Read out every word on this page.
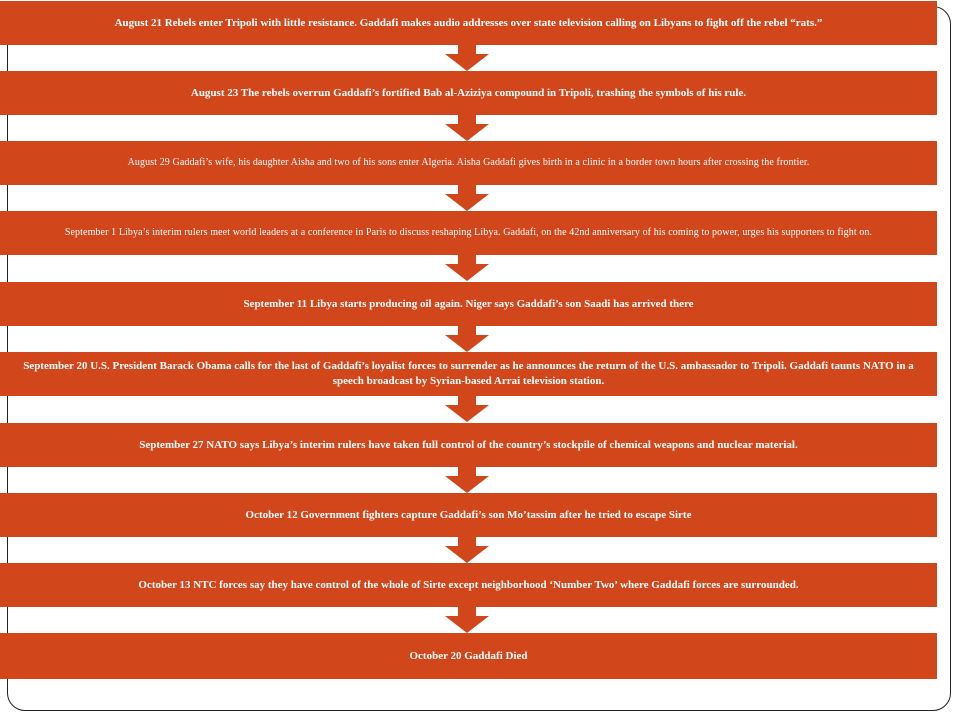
August 21 Rebels enter Tripoli with little resistance. Gaddafi makes audio addresses over state television calling on Libyans to fight off the rebel “rats.”
August 23 The rebels overrun Gaddafi’s fortified Bab al-Aziziya compound in Tripoli, trashing the symbols of his rule.
August 29 Gaddafi’s wife, his daughter Aisha and two of his sons enter Algeria. Aisha Gaddafi gives birth in a clinic in a border town hours after crossing the frontier.
September 1 Libya’s interim rulers meet world leaders at a conference in Paris to discuss reshaping Libya. Gaddafi, on the 42nd anniversary of his coming to power, urges his supporters to fight on.
September 11 Libya starts producing oil again. Niger says Gaddafi’s son Saadi has arrived there
September 20 U.S. President Barack Obama calls for the last of Gaddafi’s loyalist forces to surrender as he announces the return of the U.S. ambassador to Tripoli. Gaddafi taunts NATO in a speech broadcast by Syrian-based Arrai television station.
September 27 NATO says Libya’s interim rulers have taken full control of the country’s stockpile of chemical weapons and nuclear material.
October 12 Government fighters capture Gaddafi’s son Mo’tassim after he tried to escape Sirte
October 13 NTC forces say they have control of the whole of Sirte except neighborhood ‘Number Two’ where Gaddafi forces are surrounded.
October 20 Gaddafi Died
